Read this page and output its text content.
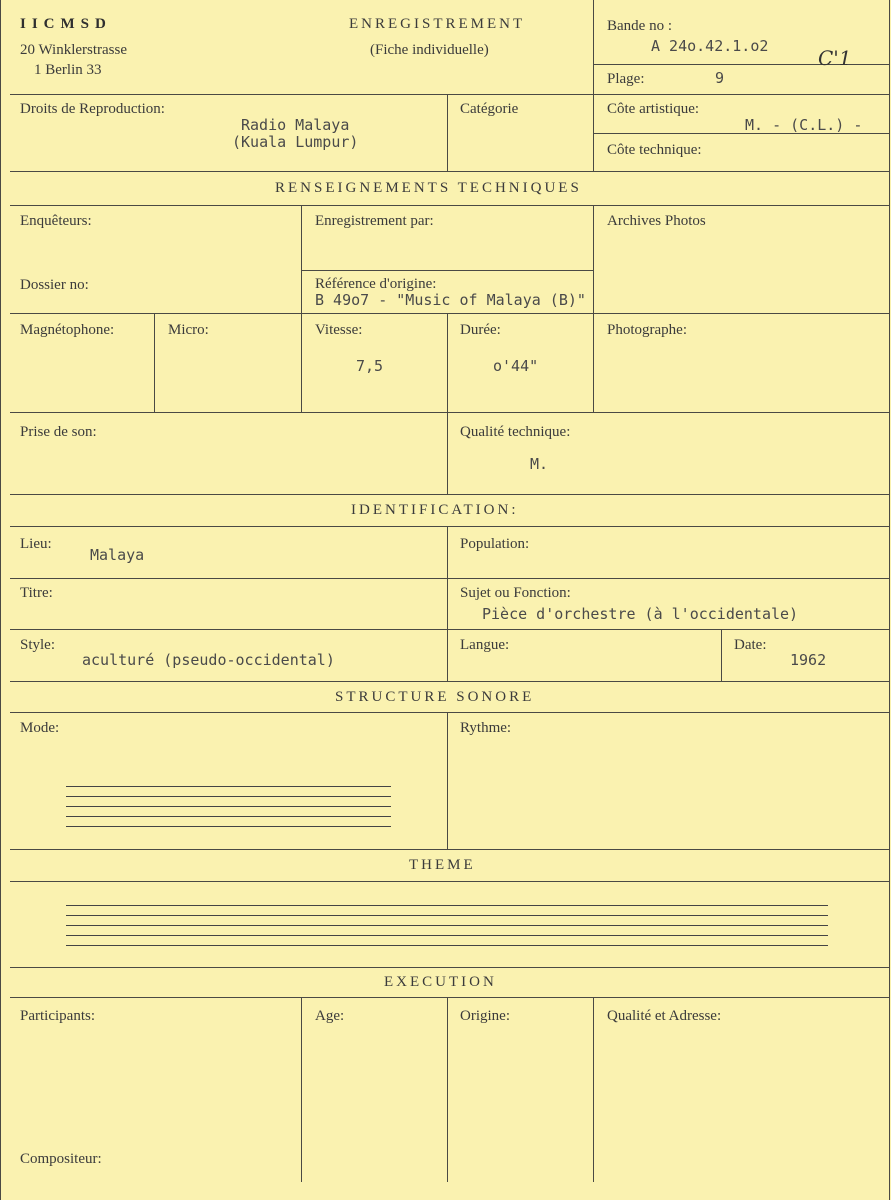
IICMSD
20 Winklerstrasse
1 Berlin 33
ENREGISTREMENT
(Fiche individuelle)
Bande no :
A 24o.42.1.o2 C'1
Plage:	9
Droits de Reproduction:
Radio Malaya
(Kuala Lumpur)
Catégorie	Côte artistique:
M. - (C.L.) -
Côte technique:
RENSEIGNEMENTS TECHNIQUES
Enquêteurs:	Enregistrement par:	Archives Photos
Dossier no:	Référence d'origine:
B 49o7 - "Music of Malaya (B)"
Magnétophone:	Micro:	Vitesse:
7,5
Durée:
o'44"
Photographe:
Prise de son:	Qualité technique:
M.
IDENTIFICATION:
Lieu:
Malaya
Population:
Titre:	Sujet ou Fonction:
Pièce d'orchestre (à l'occidentale)
Style:
aculturé (pseudo-occidental)
Langue:	Date:
1962
STRUCTURE SONORE
Mode:	Rythme:
THEME
EXECUTION
Participants:	Age:	Origine:	Qualité et Adresse:
Compositeur:
